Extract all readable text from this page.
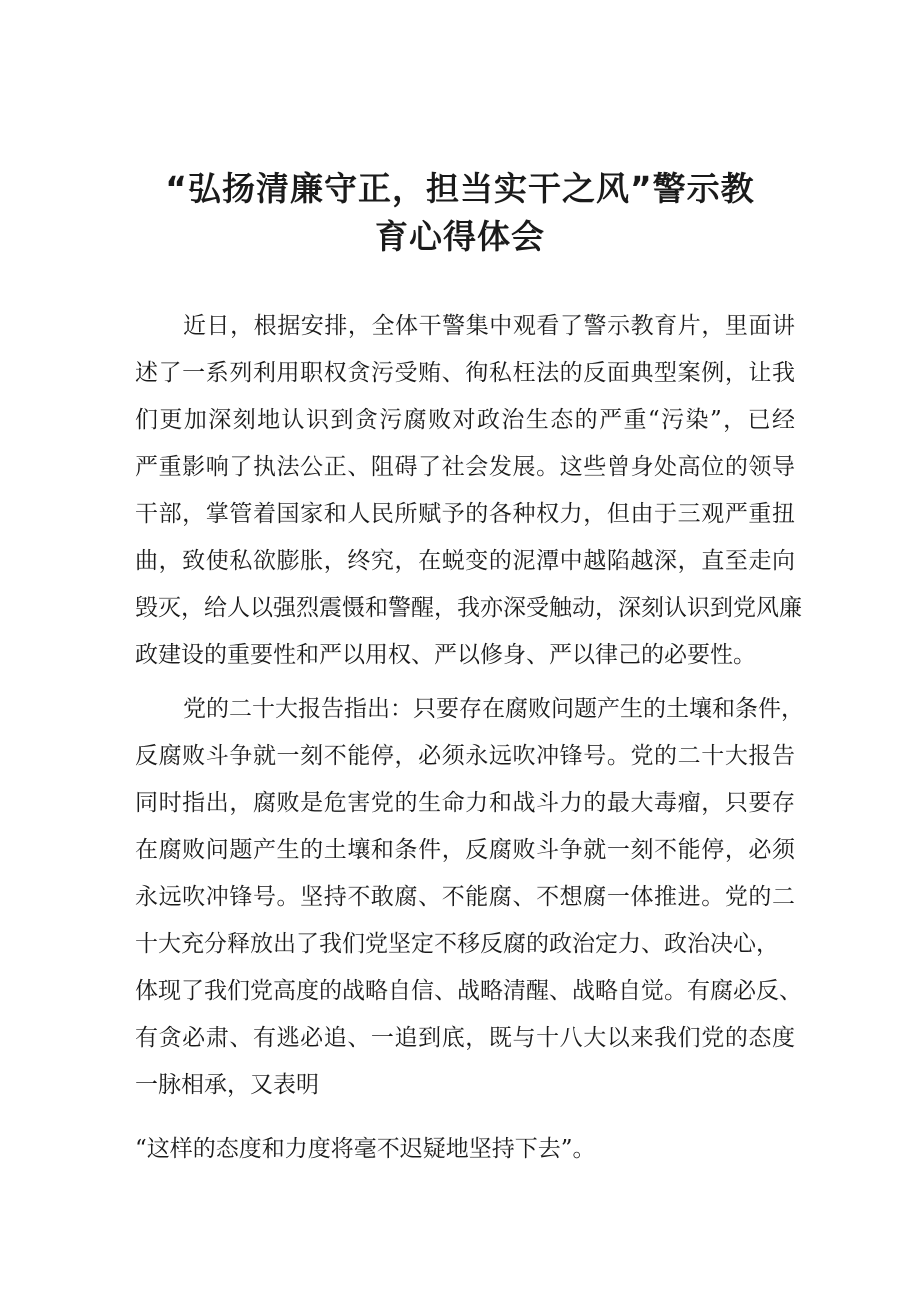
“弘扬清廉守正，担当实干之风”警示教
育心得体会
近日，根据安排，全体干警集中观看了警示教育片，里面讲
述了一系列利用职权贪污受贿、徇私枉法的反面典型案例，让我
们更加深刻地认识到贪污腐败对政治生态的严重“污染”，已经
严重影响了执法公正、阻碍了社会发展。这些曾身处高位的领导
干部，掌管着国家和人民所赋予的各种权力，但由于三观严重扭
曲，致使私欲膨胀，终究，在蜕变的泥潭中越陷越深，直至走向
毁灭，给人以强烈震慑和警醒，我亦深受触动，深刻认识到党风廉
政建设的重要性和严以用权、严以修身、严以律己的必要性。
党的二十大报告指出：只要存在腐败问题产生的土壤和条件，
反腐败斗争就一刻不能停，必须永远吹冲锋号。党的二十大报告
同时指出，腐败是危害党的生命力和战斗力的最大毒瘤，只要存
在腐败问题产生的土壤和条件，反腐败斗争就一刻不能停，必须
永远吹冲锋号。坚持不敢腐、不能腐、不想腐一体推进。党的二
十大充分释放出了我们党坚定不移反腐的政治定力、政治决心，
体现了我们党高度的战略自信、战略清醒、战略自觉。有腐必反、
有贪必肃、有逃必追、一追到底，既与十八大以来我们党的态度
一脉相承，又表明
“这样的态度和力度将毫不迟疑地坚持下去”。
